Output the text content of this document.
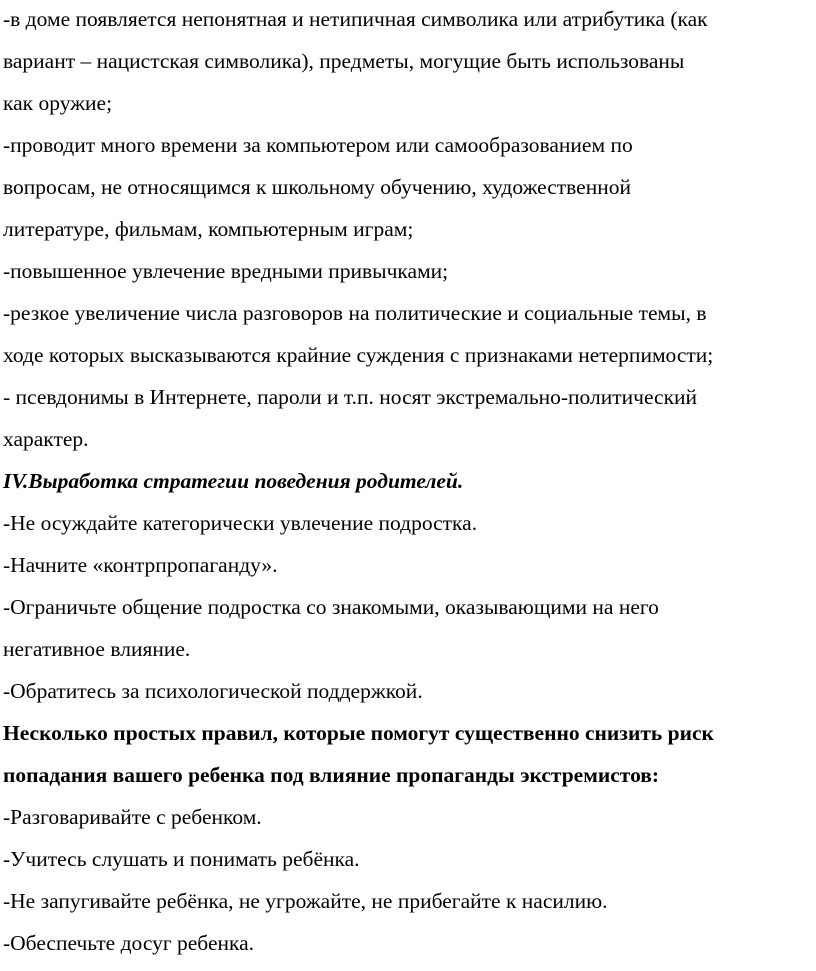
-в доме появляется непонятная и нетипичная символика или атрибутика (как
вариант – нацистская символика), предметы, могущие быть использованы
как оружие;
-проводит много времени за компьютером или самообразованием по
вопросам, не относящимся к школьному обучению, художественной
литературе, фильмам, компьютерным играм;
-повышенное увлечение вредными привычками;
-резкое увеличение числа разговоров на политические и социальные темы, в
ходе которых высказываются крайние суждения с признаками нетерпимости;
- псевдонимы в Интернете, пароли и т.п. носят экстремально-политический
характер.
IV.Выработка стратегии поведения родителей.
-Не осуждайте категорически увлечение подростка.
-Начните «контрпропаганду».
-Ограничьте общение подростка со знакомыми, оказывающими на него
негативное влияние.
-Обратитесь за психологической поддержкой.
Несколько простых правил, которые помогут существенно снизить риск
попадания вашего ребенка под влияние пропаганды экстремистов:
-Разговаривайте с ребенком.
-Учитесь слушать и понимать ребёнка.
-Не запугивайте ребёнка, не угрожайте, не прибегайте к насилию.
-Обеспечьте досуг ребенка.
